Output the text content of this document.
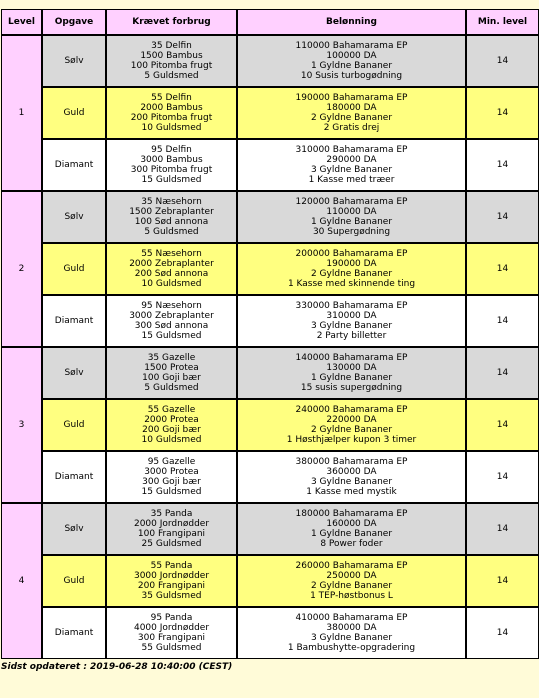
Level	Opgave	Krævet forbrug	Belønning	Min. level
1	Sølv	35 Delfin
1500 Bambus
100 Pitomba frugt
5 Guldsmed	110000 Bahamarama EP
100000 DA
1 Gyldne Bananer
10 Susis turbogødning	14
	Guld	55 Delfin
2000 Bambus
200 Pitomba frugt
10 Guldsmed	190000 Bahamarama EP
180000 DA
2 Gyldne Bananer
2 Gratis drej	14
	Diamant	95 Delfin
3000 Bambus
300 Pitomba frugt
15 Guldsmed	310000 Bahamarama EP
290000 DA
3 Gyldne Bananer
1 Kasse med træer	14
2	Sølv	35 Næsehorn
1500 Zebraplanter
100 Sød annona
5 Guldsmed	120000 Bahamarama EP
110000 DA
1 Gyldne Bananer
30 Supergødning	14
	Guld	55 Næsehorn
2000 Zebraplanter
200 Sød annona
10 Guldsmed	200000 Bahamarama EP
190000 DA
2 Gyldne Bananer
1 Kasse med skinnende ting	14
	Diamant	95 Næsehorn
3000 Zebraplanter
300 Sød annona
15 Guldsmed	330000 Bahamarama EP
310000 DA
3 Gyldne Bananer
2 Party billetter	14
3	Sølv	35 Gazelle
1500 Protea
100 Goji bær
5 Guldsmed	140000 Bahamarama EP
130000 DA
1 Gyldne Bananer
15 susis supergødning	14
	Guld	55 Gazelle
2000 Protea
200 Goji bær
10 Guldsmed	240000 Bahamarama EP
220000 DA
2 Gyldne Bananer
1 Høsthjælper kupon 3 timer	14
	Diamant	95 Gazelle
3000 Protea
300 Goji bær
15 Guldsmed	380000 Bahamarama EP
360000 DA
3 Gyldne Bananer
1 Kasse med mystik	14
4	Sølv	35 Panda
2000 Jordnødder
100 Frangipani
25 Guldsmed	180000 Bahamarama EP
160000 DA
1 Gyldne Bananer
8 Power foder	14
	Guld	55 Panda
3000 Jordnødder
200 Frangipani
35 Guldsmed	260000 Bahamarama EP
250000 DA
2 Gyldne Bananer
1 TEP-høstbonus L	14
	Diamant	95 Panda
4000 Jordnødder
300 Frangipani
55 Guldsmed	410000 Bahamarama EP
380000 DA
3 Gyldne Bananer
1 Bambushytte-opgradering	14
Sidst opdateret : 2019-06-28 10:40:00 (CEST)
